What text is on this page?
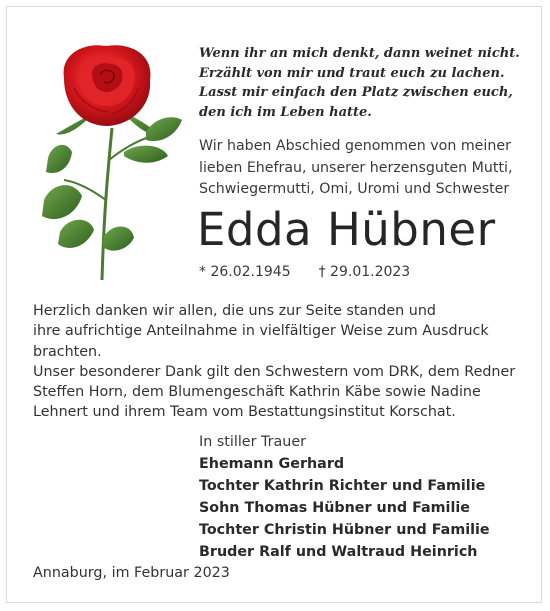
Wenn ihr an mich denkt, dann weinet nicht.
Erzählt von mir und traut euch zu lachen.
Lasst mir einfach den Platz zwischen euch,
den ich im Leben hatte.
Wir haben Abschied genommen von meiner
lieben Ehefrau, unserer herzensguten Mutti,
Schwiegermutti, Omi, Uromi und Schwester
Edda Hübner
* 26.02.1945 † 29.01.2023
Herzlich danken wir allen, die uns zur Seite standen und
ihre aufrichtige Anteilnahme in vielfältiger Weise zum Ausdruck
brachten.
Unser besonderer Dank gilt den Schwestern vom DRK, dem Redner
Steffen Horn, dem Blumengeschäft Kathrin Käbe sowie Nadine
Lehnert und ihrem Team vom Bestattungsinstitut Korschat.
In stiller Trauer
Ehemann Gerhard
Tochter Kathrin Richter und Familie
Sohn Thomas Hübner und Familie
Tochter Christin Hübner und Familie
Bruder Ralf und Waltraud Heinrich
Annaburg, im Februar 2023
